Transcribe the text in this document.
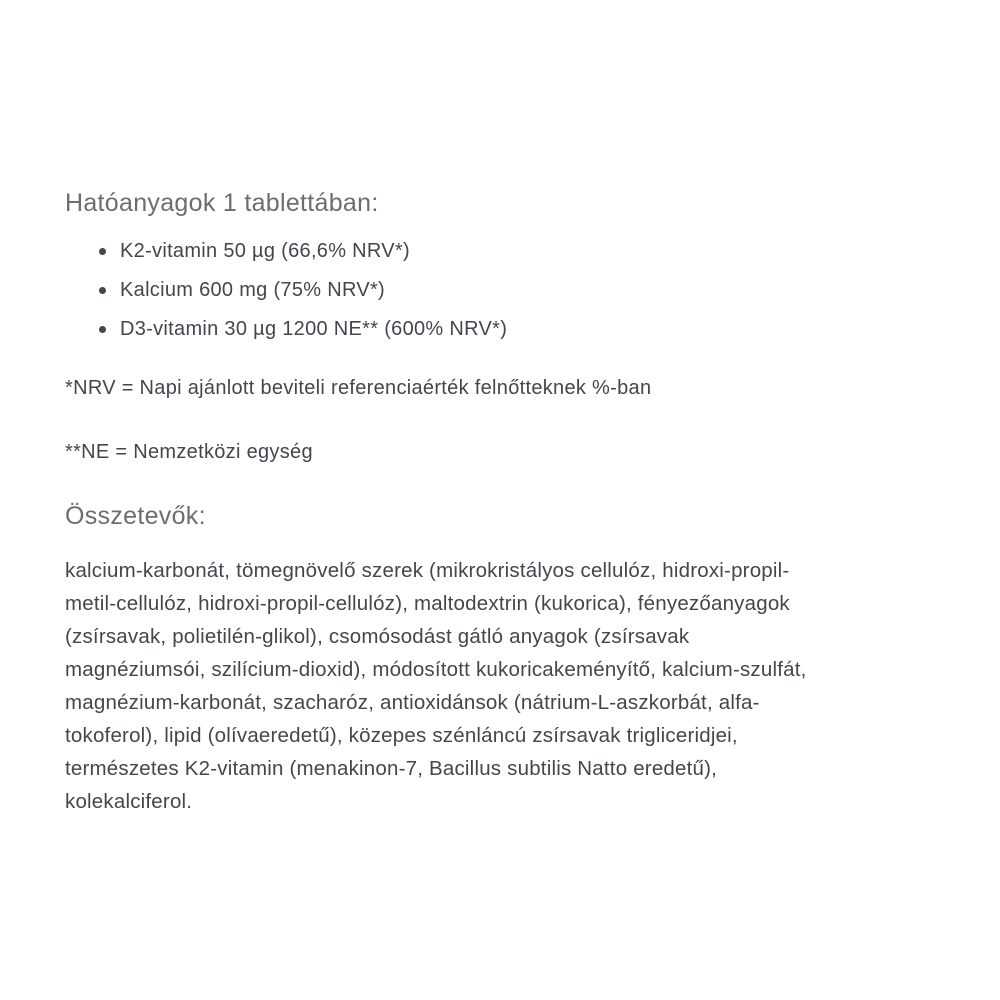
Hatóanyagok 1 tablettában:
K2-vitamin 50 µg (66,6% NRV*)
Kalcium 600 mg (75% NRV*)
D3-vitamin 30 µg 1200 NE** (600% NRV*)

*NRV = Napi ajánlott beviteli referenciaérték felnőtteknek %-ban

**NE = Nemzetközi egység

Összetevők:
kalcium-karbonát, tömegnövelő szerek (mikrokristályos cellulóz, hidroxi-propil-
metil-cellulóz, hidroxi-propil-cellulóz), maltodextrin (kukorica), fényezőanyagok
(zsírsavak, polietilén-glikol), csomósodást gátló anyagok (zsírsavak
magnéziumsói, szilícium-dioxid), módosított kukoricakeményítő, kalcium-szulfát,
magnézium-karbonát, szacharóz, antioxidánsok (nátrium-L-aszkorbát, alfa-
tokoferol), lipid (olívaeredetű), közepes szénláncú zsírsavak trigliceridjei,
természetes K2-vitamin (menakinon-7, Bacillus subtilis Natto eredetű),
kolekalciferol.
